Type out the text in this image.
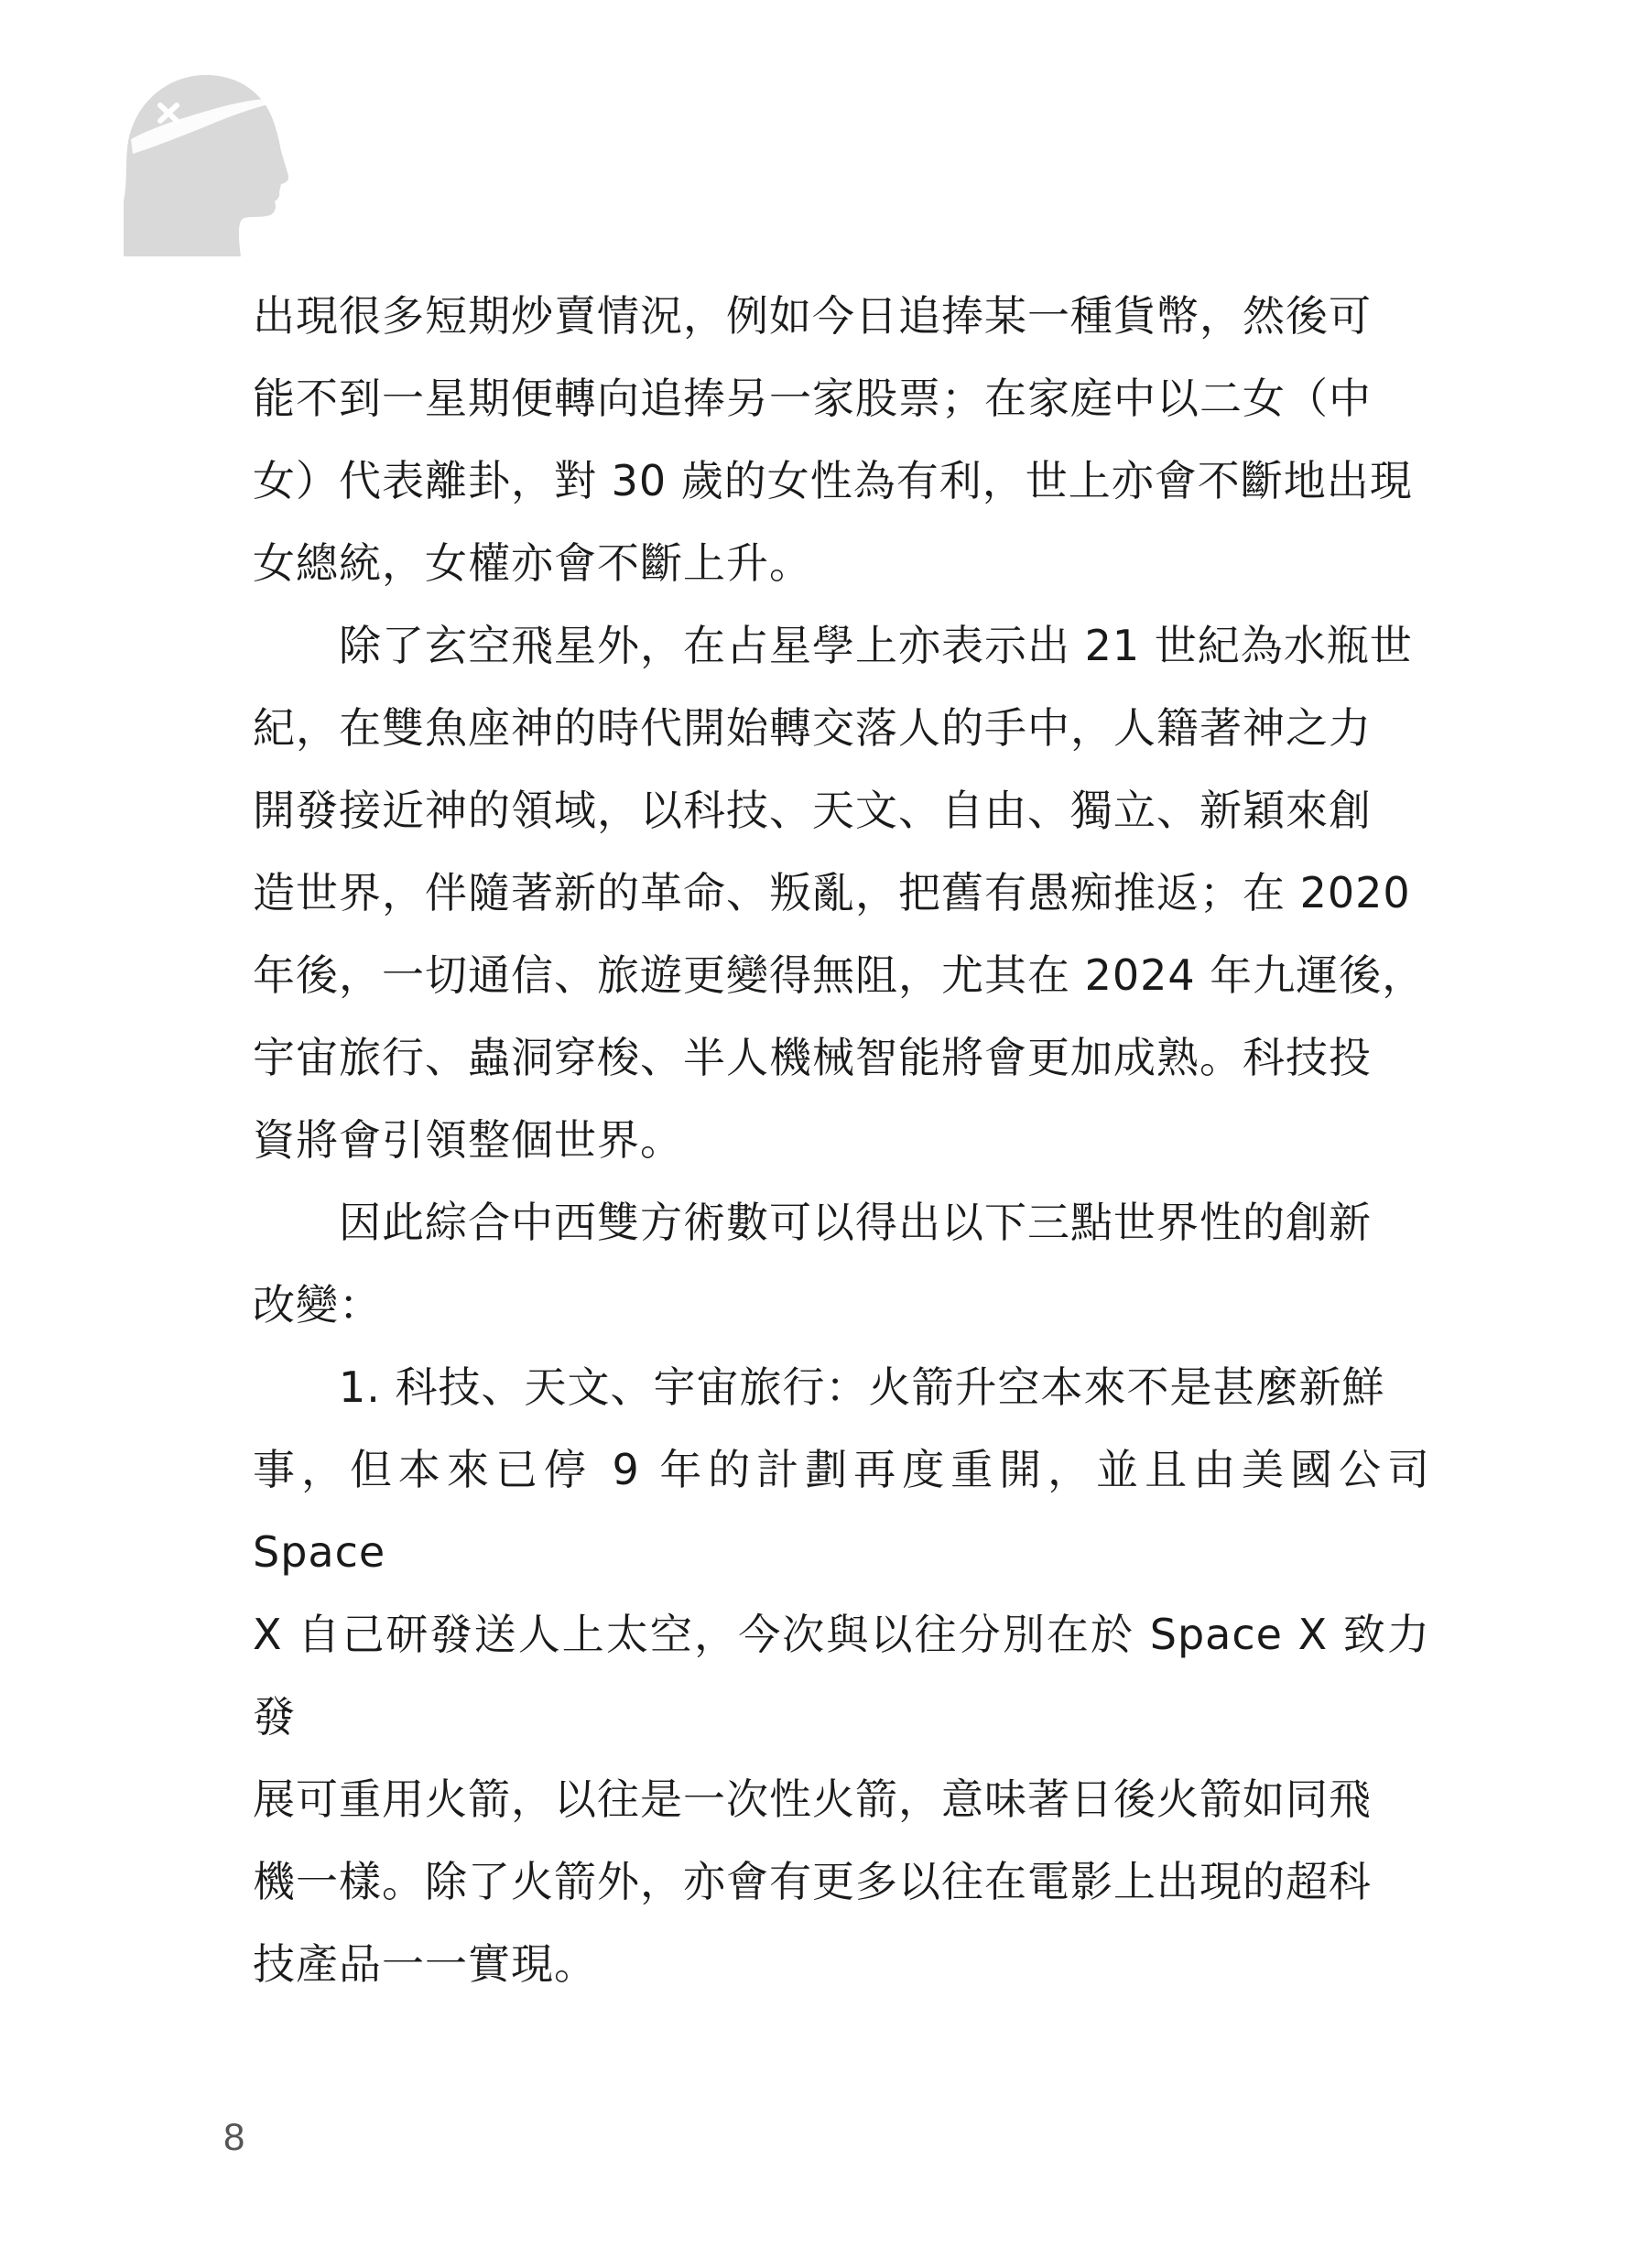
出現很多短期炒賣情況，例如今日追捧某一種貨幣，然後可
能不到一星期便轉向追捧另一家股票；在家庭中以二女（中
女）代表離卦，對 30 歲的女性為有利，世上亦會不斷地出現
女總統，女權亦會不斷上升。

　　除了玄空飛星外，在占星學上亦表示出 21 世紀為水瓶世
紀，在雙魚座神的時代開始轉交落人的手中，人籍著神之力
開發接近神的領域，以科技、天文、自由、獨立、新穎來創
造世界，伴隨著新的革命、叛亂，把舊有愚痴推返；在 2020
年後，一切通信、旅遊更變得無阻，尤其在 2024 年九運後，
宇宙旅行、蟲洞穿梭、半人機械智能將會更加成熟。科技投
資將會引領整個世界。

　　因此綜合中西雙方術數可以得出以下三點世界性的創新
改變：

　　1. 科技、天文、宇宙旅行：火箭升空本來不是甚麼新鮮
事，但本來已停 9 年的計劃再度重開，並且由美國公司 Space
X 自己研發送人上太空，今次與以往分別在於 Space X 致力發
展可重用火箭，以往是一次性火箭，意味著日後火箭如同飛
機一樣。除了火箭外，亦會有更多以往在電影上出現的超科
技產品一一實現。

8
